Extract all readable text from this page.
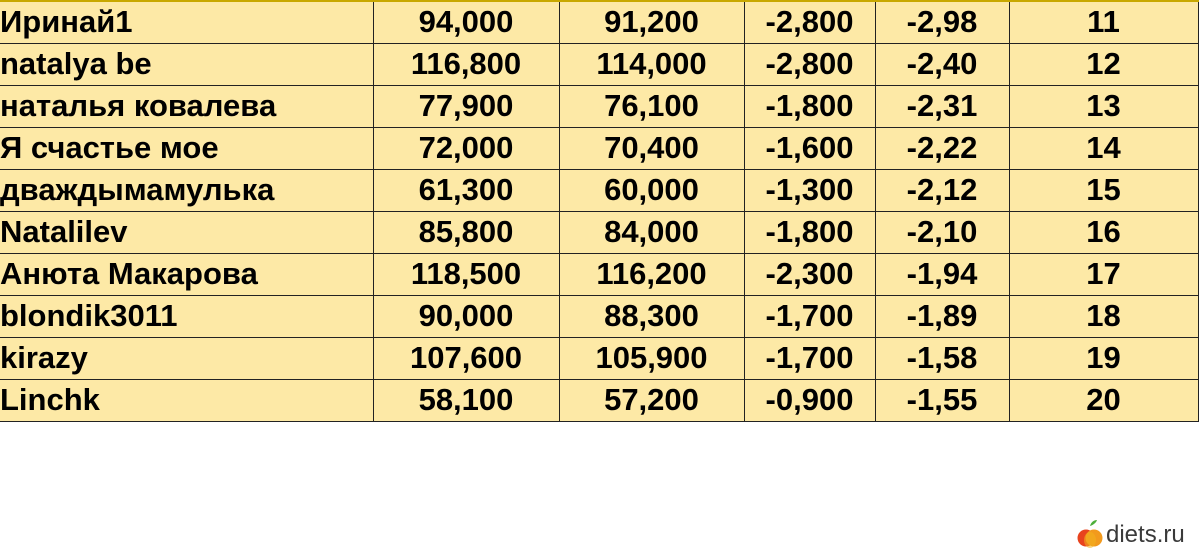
Иринай1	94,000	91,200	-2,800	-2,98	11
natalya be	116,800	114,000	-2,800	-2,40	12
наталья ковалева	77,900	76,100	-1,800	-2,31	13
Я счастье мое	72,000	70,400	-1,600	-2,22	14
дваждымамулька	61,300	60,000	-1,300	-2,12	15
Natalilev	85,800	84,000	-1,800	-2,10	16
Анюта Макарова	118,500	116,200	-2,300	-1,94	17
blondik3011	90,000	88,300	-1,700	-1,89	18
kirazy	107,600	105,900	-1,700	-1,58	19
Linchk	58,100	57,200	-0,900	-1,55	20
diets.ru
